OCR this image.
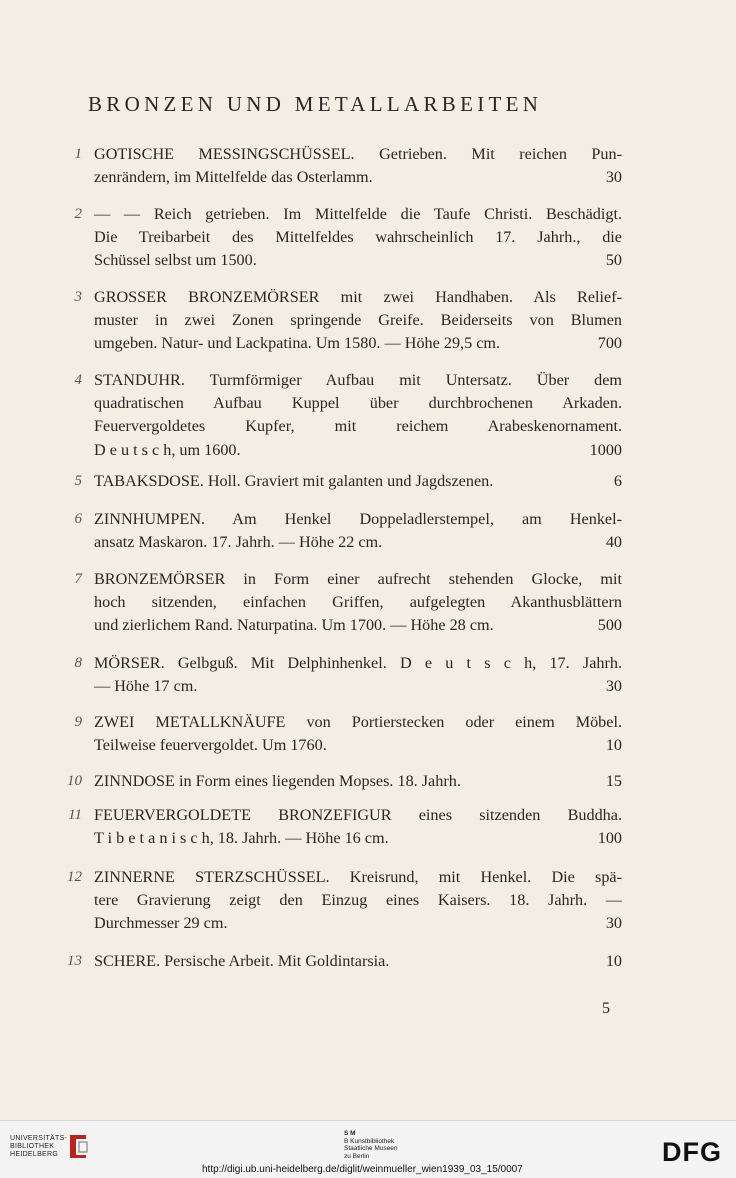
BRONZEN UND METALLARBEITEN
1 GOTISCHE MESSINGSCHÜSSEL. Getrieben. Mit reichen Pun-
zenrändern, im Mittelfelde das Osterlamm.	30
2 — — Reich getrieben. Im Mittelfelde die Taufe Christi. Beschädigt.
Die Treibarbeit des Mittelfeldes wahrscheinlich 17. Jahrh., die
Schüssel selbst um 1500.	50
3 GROSSER BRONZEMÖRSER mit zwei Handhaben. Als Relief-
muster in zwei Zonen springende Greife. Beiderseits von Blumen
umgeben. Natur- und Lackpatina. Um 1580. — Höhe 29,5 cm.	700
4 STANDUHR. Turmförmiger Aufbau mit Untersatz. Über dem
quadratischen Aufbau Kuppel über durchbrochenen Arkaden.
Feuervergoldetes Kupfer, mit reichem Arabeskenornament.
D e u t s c h, um 1600.	1000
5 TABAKSDOSE. Holl. Graviert mit galanten und Jagdszenen.	6
6 ZINNHUMPEN. Am Henkel Doppeladlerstempel, am Henkel-
ansatz Maskaron. 17. Jahrh. — Höhe 22 cm.	40
7 BRONZEMÖRSER in Form einer aufrecht stehenden Glocke, mit
hoch sitzenden, einfachen Griffen, aufgelegten Akanthusblättern
und zierlichem Rand. Naturpatina. Um 1700. — Höhe 28 cm.	500
8 MÖRSER. Gelbguß. Mit Delphinhenkel. D e u t s c h, 17. Jahrh.
— Höhe 17 cm.	30
9 ZWEI METALLKNÄUFE von Portierstecken oder einem Möbel.
Teilweise feuervergoldet. Um 1760.	10
10 ZINNDOSE in Form eines liegenden Mopses. 18. Jahrh.	15
11 FEUERVERGOLDETE BRONZEFIGUR eines sitzenden Buddha.
T i b e t a n i s c h, 18. Jahrh. — Höhe 16 cm.	100
12 ZINNERNE STERZSCHÜSSEL. Kreisrund, mit Henkel. Die spä-
tere Gravierung zeigt den Einzug eines Kaisers. 18. Jahrh. —
Durchmesser 29 cm.	30
13 SCHERE. Persische Arbeit. Mit Goldintarsia.	10
5
UNIVERSITÄTS-
BIBLIOTHEK
HEIDELBERG
S M
B Kunstbibliothek
Staatliche Museen
zu Berlin	DFG
http://digi.ub.uni-heidelberg.de/diglit/weinmueller_wien1939_03_15/0007
